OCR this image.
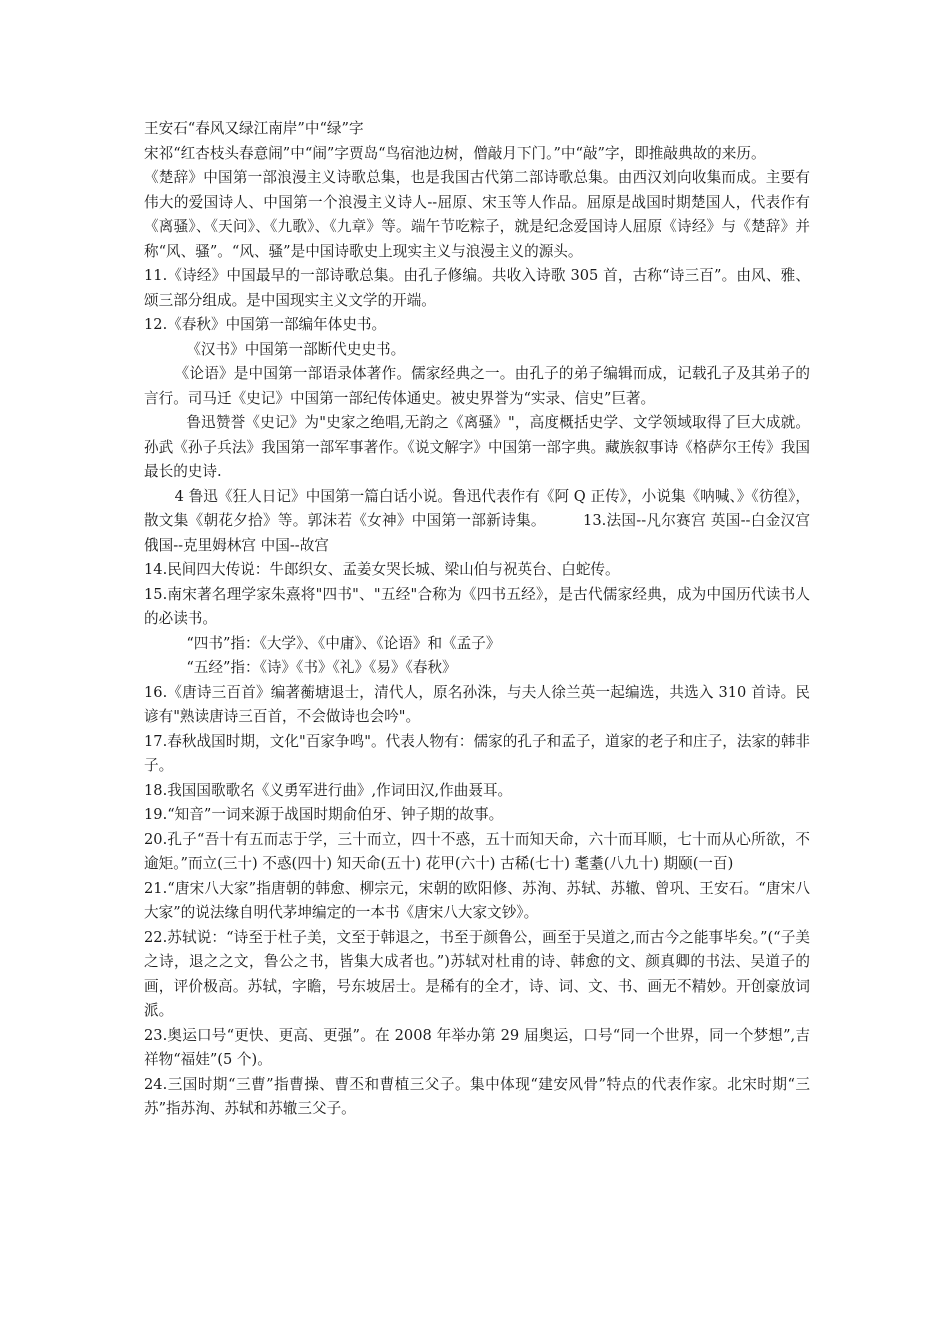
王安石“春风又绿江南岸”中“绿”字

宋祁“红杏枝头春意闹”中“闹”字贾岛“鸟宿池边树，僧敲月下门。”中“敲”字，即推敲典故的来历。

《楚辞》中国第一部浪漫主义诗歌总集，也是我国古代第二部诗歌总集。由西汉刘向收集而成。主要有伟大的爱国诗人、中国第一个浪漫主义诗人--屈原、宋玉等人作品。屈原是战国时期楚国人，代表作有《离骚》、《天问》、《九歌》、《九章》等。端午节吃粽子，就是纪念爱国诗人屈原《诗经》与《楚辞》并称“风、骚”。“风、骚”是中国诗歌史上现实主义与浪漫主义的源头。

11.《诗经》中国最早的一部诗歌总集。由孔子修编。共收入诗歌 305 首，古称“诗三百”。由风、雅、颂三部分组成。是中国现实主义文学的开端。

12.《春秋》中国第一部编年体史书。

《汉书》中国第一部断代史史书。

《论语》是中国第一部语录体著作。儒家经典之一。由孔子的弟子编辑而成，记载孔子及其弟子的言行。司马迁《史记》中国第一部纪传体通史。被史界誉为“实录、信史”巨著。

鲁迅赞誉《史记》为"史家之绝唱,无韵之《离骚》"，高度概括史学、文学领域取得了巨大成就。孙武《孙子兵法》我国第一部军事著作。《说文解字》中国第一部字典。藏族叙事诗《格萨尔王传》我国最长的史诗.

4 鲁迅《狂人日记》中国第一篇白话小说。鲁迅代表作有《阿 Q 正传》，小说集《呐喊、》《彷徨》，散文集《朝花夕拾》等。郭沫若《女神》中国第一部新诗集。　　　13.法国--凡尔赛宫 英国--白金汉宫 俄国--克里姆林宫 中国--故宫

14.民间四大传说：牛郎织女、孟姜女哭长城、梁山伯与祝英台、白蛇传。

15.南宋著名理学家朱熹将"四书"、"五经"合称为《四书五经》，是古代儒家经典，成为中国历代读书人的必读书。

“四书”指：《大学》、《中庸》、《论语》和《孟子》

“五经”指：《诗》《书》《礼》《易》《春秋》

16.《唐诗三百首》编著蘅塘退士，清代人，原名孙洙，与夫人徐兰英一起编选，共选入 310 首诗。民谚有"熟读唐诗三百首，不会做诗也会吟"。

17.春秋战国时期，文化"百家争鸣"。代表人物有：儒家的孔子和孟子，道家的老子和庄子，法家的韩非子。

18.我国国歌歌名《义勇军进行曲》,作词田汉,作曲聂耳。

19.“知音”一词来源于战国时期俞伯牙、钟子期的故事。

20.孔子“吾十有五而志于学，三十而立，四十不惑，五十而知天命，六十而耳顺，七十而从心所欲，不逾矩。”而立(三十) 不惑(四十) 知天命(五十) 花甲(六十) 古稀(七十) 耄耋(八九十) 期颐(一百)

21.“唐宋八大家”指唐朝的韩愈、柳宗元，宋朝的欧阳修、苏洵、苏轼、苏辙、曾巩、王安石。“唐宋八大家”的说法缘自明代茅坤编定的一本书《唐宋八大家文钞》。

22.苏轼说：“诗至于杜子美，文至于韩退之，书至于颜鲁公，画至于吴道之,而古今之能事毕矣。”(“子美之诗，退之之文，鲁公之书，皆集大成者也。”)苏轼对杜甫的诗、韩愈的文、颜真卿的书法、吴道子的画，评价极高。苏轼，字瞻，号东坡居士。是稀有的全才，诗、词、文、书、画无不精妙。开创豪放词派。

23.奥运口号“更快、更高、更强”。在 2008 年举办第 29 届奥运，口号“同一个世界，同一个梦想”,吉祥物“福娃”(5 个)。

24.三国时期“三曹”指曹操、曹丕和曹植三父子。集中体现“建安风骨”特点的代表作家。北宋时期“三苏”指苏洵、苏轼和苏辙三父子。
